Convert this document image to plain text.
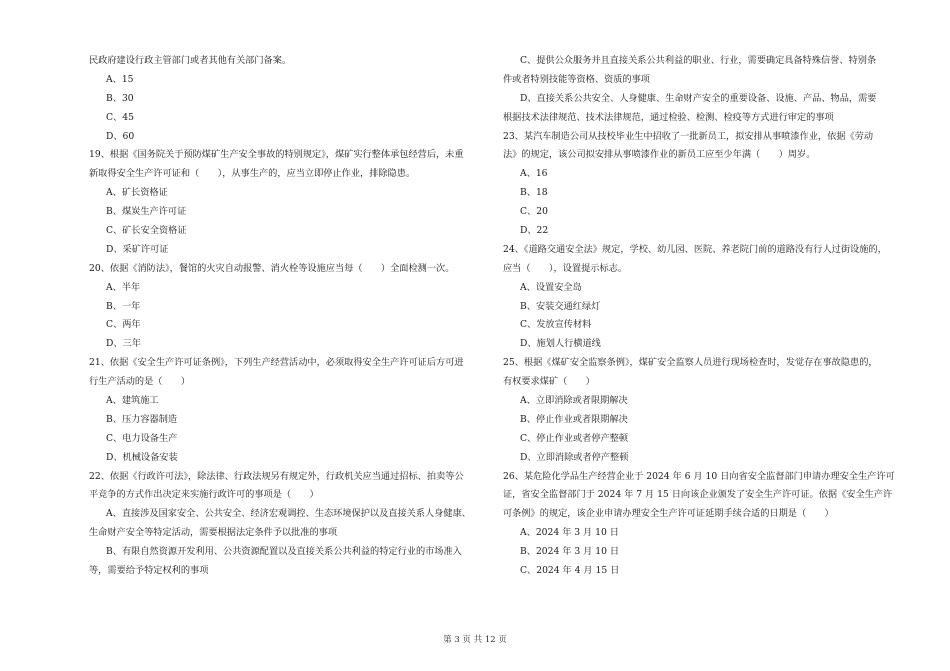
民政府建设行政主管部门或者其他有关部门备案。
A、15
B、30
C、45
D、60
19、根据《国务院关于预防煤矿生产安全事故的特别规定》，煤矿实行整体承包经营后，未重
新取得安全生产许可证和（　　），从事生产的，应当立即停止作业，排除隐患。
A、矿长资格证
B、煤炭生产许可证
C、矿长安全资格证
D、采矿许可证
20、依据《消防法》，餐馆的火灾自动报警、消火栓等设施应当每（　　）全面检测一次。
A、半年
B、一年
C、两年
D、三年
21、依据《安全生产许可证条例》，下列生产经营活动中，必须取得安全生产许可证后方可进
行生产活动的是（　　）
A、建筑施工
B、压力容器制造
C、电力设备生产
D、机械设备安装
22、依据《行政许可法》，除法律、行政法规另有规定外，行政机关应当通过招标、拍卖等公
平竞争的方式作出决定来实施行政许可的事项是（　　）
A、直接涉及国家安全、公共安全、经济宏观调控、生态环境保护以及直接关系人身健康、
生命财产安全等特定活动，需要根据法定条件予以批准的事项
B、有限自然资源开发利用、公共资源配置以及直接关系公共利益的特定行业的市场准入
等，需要给予特定权利的事项
C、提供公众服务并且直接关系公共利益的职业、行业，需要确定具备特殊信誉、特别条
件或者特别技能等资格、资质的事项
D、直接关系公共安全、人身健康、生命财产安全的重要设备、设施、产品、物品，需要
根据技术法律规范、技术法律规范，通过检验、检测、检疫等方式进行审定的事项
23、某汽车制造公司从技校毕业生中招收了一批新员工，拟安排从事喷漆作业，依据《劳动
法》的规定，该公司拟安排从事喷漆作业的新员工应至少年满（　　）周岁。
A、16
B、18
C、20
D、22
24、《道路交通安全法》规定，学校、幼儿园、医院、养老院门前的道路没有行人过街设施的，
应当（　　），设置提示标志。
A、设置安全岛
B、安装交通红绿灯
C、发放宣传材料
D、施划人行横道线
25、根据《煤矿安全监察条例》，煤矿安全监察人员进行现场检查时，发觉存在事故隐患的，
有权要求煤矿（　　）
A、立即消除或者限期解决
B、停止作业或者限期解决
C、停止作业或者停产整顿
D、立即消除或者停产整顿
26、某危险化学品生产经营企业于 2024 年 6 月 10 日向省安全监督部门申请办理安全生产许可
证，省安全监督部门于 2024 年 7 月 15 日向该企业颁发了安全生产许可证。依据《安全生产许
可条例》的规定，该企业申请办理安全生产许可证延期手续合适的日期是（　　）
A、2024 年 3 月 10 日
B、2024 年 3 月 10 日
C、2024 年 4 月 15 日
第 3 页 共 12 页
